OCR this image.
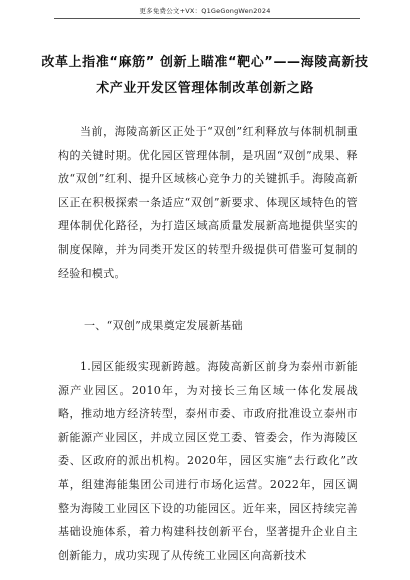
更多免费公文+VX：Q1GeGongWen2024
改革上指准“麻筋” 创新上瞄准“靶心”——海陵高新技术产业开发区管理体制改革创新之路

当前，海陵高新区正处于“双创”红利释放与体制机制重构的关键时期。优化园区管理体制，是巩固“双创”成果、释放“双创”红利、提升区域核心竞争力的关键抓手。海陵高新区正在积极探索一条适应“双创”新要求、体现区域特色的管理体制优化路径，为打造区域高质量发展新高地提供坚实的制度保障，并为同类开发区的转型升级提供可借鉴可复制的经验和模式。

一、“双创”成果奠定发展新基础

1.园区能级实现新跨越。海陵高新区前身为泰州市新能源产业园区。2010年，为对接长三角区域一体化发展战略，推动地方经济转型，泰州市委、市政府批准设立泰州市新能源产业园区，并成立园区党工委、管委会，作为海陵区委、区政府的派出机构。2020年，园区实施“去行政化”改革，组建海能集团公司进行市场化运营。2022年，园区调整为海陵工业园区下设的功能园区。近年来，园区持续完善基础设施体系，着力构建科技创新平台，坚著提升企业自主创新能力，成功实现了从传统工业园区向高新技术
